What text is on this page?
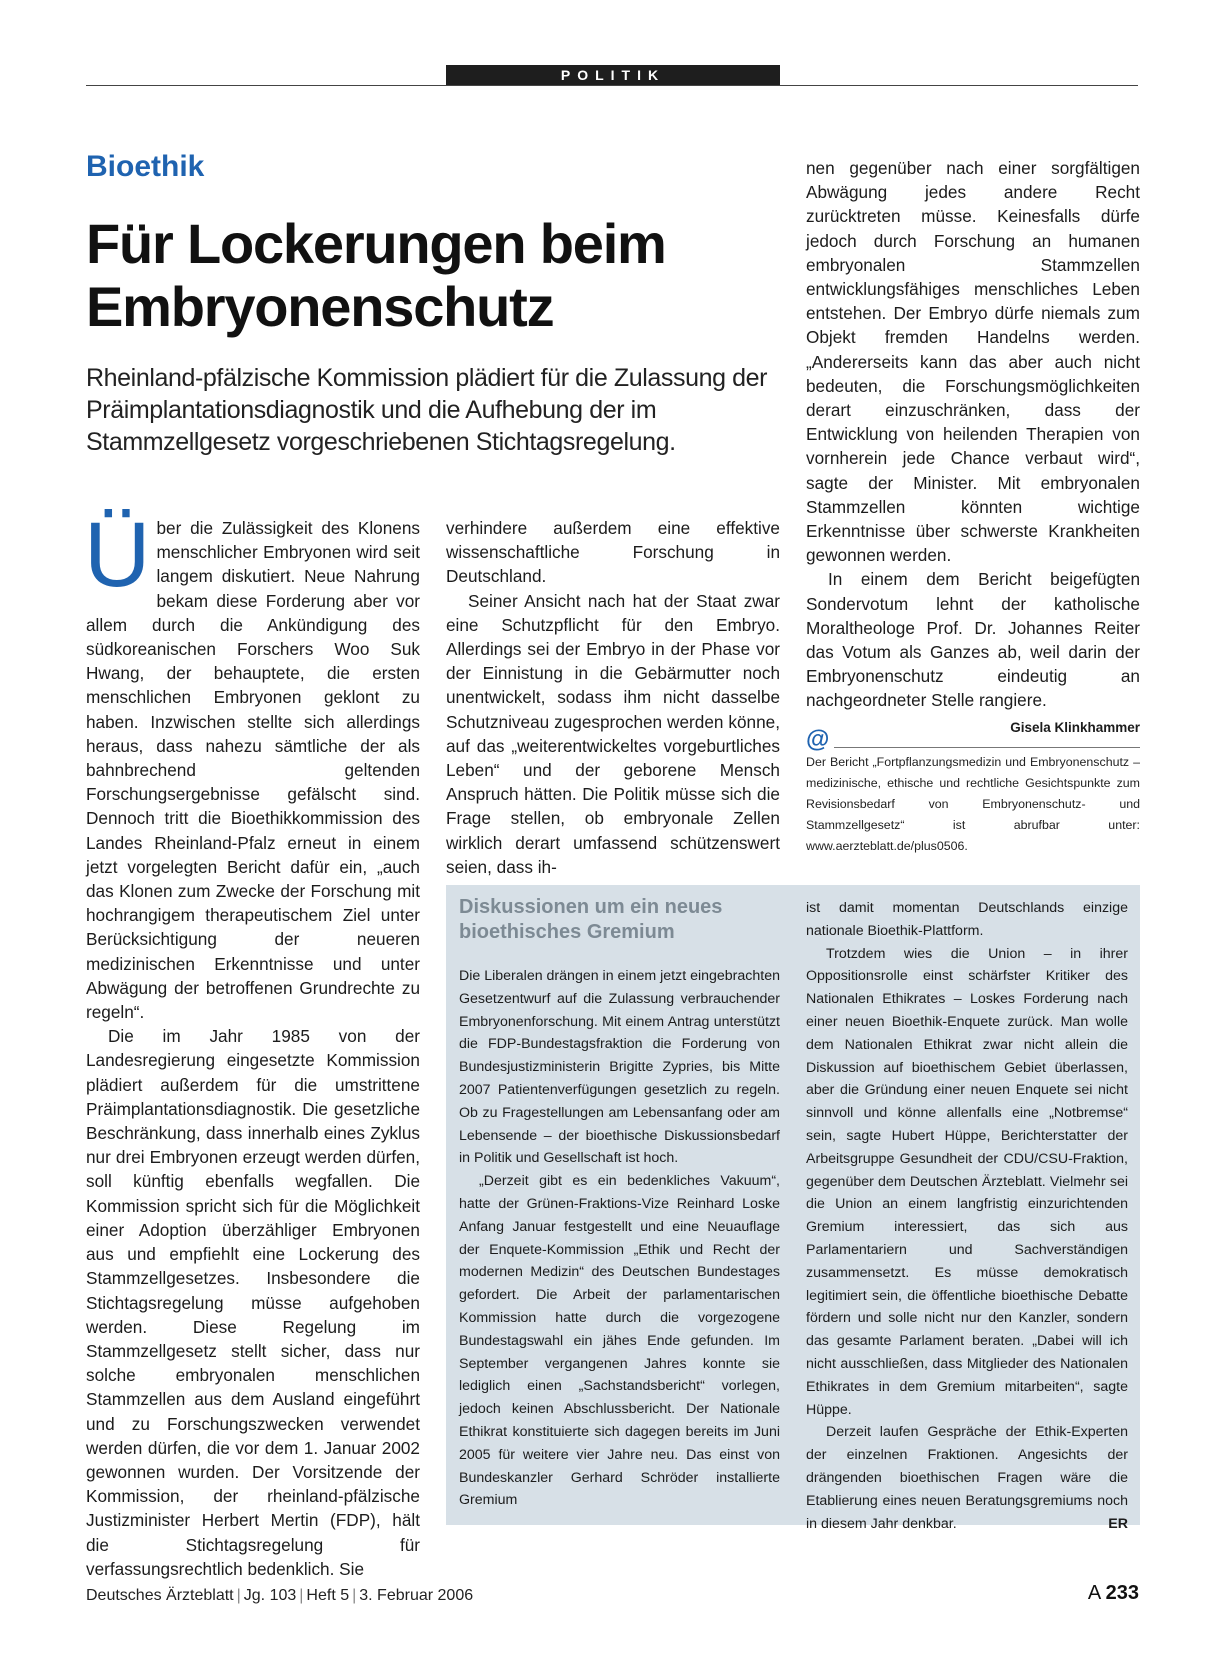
POLITIK
Bioethik
Für Lockerungen beim Embryonenschutz

Rheinland-pfälzische Kommission plädiert für die Zulassung der Präimplantationsdiagnostik und die Aufhebung der im Stammzellgesetz vorgeschriebenen Stichtagsregelung.

Über die Zulässigkeit des Klonens menschlicher Embryonen wird seit langem diskutiert. Neue Nahrung bekam diese Forderung aber vor allem durch die Ankündigung des südkoreanischen Forschers Woo Suk Hwang, der behauptete, die ersten menschlichen Embryonen geklont zu haben. Inzwischen stellte sich allerdings heraus, dass nahezu sämtliche der als bahnbrechend geltenden Forschungsergebnisse gefälscht sind. Dennoch tritt die Bioethikkommission des Landes Rheinland-Pfalz erneut in einem jetzt vorgelegten Bericht dafür ein, „auch das Klonen zum Zwecke der Forschung mit hochrangigem therapeutischem Ziel unter Berücksichtigung der neueren medizinischen Erkenntnisse und unter Abwägung der betroffenen Grundrechte zu regeln“.

Die im Jahr 1985 von der Landesregierung eingesetzte Kommission plädiert außerdem für die umstrittene Präimplantationsdiagnostik. Die gesetzliche Beschränkung, dass innerhalb eines Zyklus nur drei Embryonen erzeugt werden dürfen, soll künftig ebenfalls wegfallen. Die Kommission spricht sich für die Möglichkeit einer Adoption überzähliger Embryonen aus und empfiehlt eine Lockerung des Stammzellgesetzes. Insbesondere die Stichtagsregelung müsse aufgehoben werden. Diese Regelung im Stammzellgesetz stellt sicher, dass nur solche embryonalen menschlichen Stammzellen aus dem Ausland eingeführt und zu Forschungszwecken verwendet werden dürfen, die vor dem 1. Januar 2002 gewonnen wurden. Der Vorsitzende der Kommission, der rheinland-pfälzische Justizminister Herbert Mertin (FDP), hält die Stichtagsregelung für verfassungsrechtlich bedenklich. Sie

verhindere außerdem eine effektive wissenschaftliche Forschung in Deutschland.

Seiner Ansicht nach hat der Staat zwar eine Schutzpflicht für den Embryo. Allerdings sei der Embryo in der Phase vor der Einnistung in die Gebärmutter noch unentwickelt, sodass ihm nicht dasselbe Schutzniveau zugesprochen werden könne, auf das „weiterentwickeltes vorgeburtliches Leben“ und der geborene Mensch Anspruch hätten. Die Politik müsse sich die Frage stellen, ob embryonale Zellen wirklich derart umfassend schützenswert seien, dass ih-

nen gegenüber nach einer sorgfältigen Abwägung jedes andere Recht zurücktreten müsse. Keinesfalls dürfe jedoch durch Forschung an humanen embryonalen Stammzellen entwicklungsfähiges menschliches Leben entstehen. Der Embryo dürfe niemals zum Objekt fremden Handelns werden. „Andererseits kann das aber auch nicht bedeuten, die Forschungsmöglichkeiten derart einzuschränken, dass der Entwicklung von heilenden Therapien von vornherein jede Chance verbaut wird“, sagte der Minister. Mit embryonalen Stammzellen könnten wichtige Erkenntnisse über schwerste Krankheiten gewonnen werden.

In einem dem Bericht beigefügten Sondervotum lehnt der katholische Moraltheologe Prof. Dr. Johannes Reiter das Votum als Ganzes ab, weil darin der Embryonenschutz eindeutig an nachgeordneter Stelle rangiere.
Gisela Klinkhammer

@

Der Bericht „Fortpflanzungsmedizin und Embryonenschutz – medizinische, ethische und rechtliche Gesichtspunkte zum Revisionsbedarf von Embryonenschutz- und Stammzellgesetz“ ist abrufbar unter: www.aerzteblatt.de/plus0506.

Diskussionen um ein neues bioethisches Gremium

Die Liberalen drängen in einem jetzt eingebrachten Gesetzentwurf auf die Zulassung verbrauchender Embryonenforschung. Mit einem Antrag unterstützt die FDP-Bundestagsfraktion die Forderung von Bundesjustizministerin Brigitte Zypries, bis Mitte 2007 Patientenverfügungen gesetzlich zu regeln. Ob zu Fragestellungen am Lebensanfang oder am Lebensende – der bioethische Diskussionsbedarf in Politik und Gesellschaft ist hoch.

„Derzeit gibt es ein bedenkliches Vakuum“, hatte der Grünen-Fraktions-Vize Reinhard Loske Anfang Januar festgestellt und eine Neuauflage der Enquete-Kommission „Ethik und Recht der modernen Medizin“ des Deutschen Bundestages gefordert. Die Arbeit der parlamentarischen Kommission hatte durch die vorgezogene Bundestagswahl ein jähes Ende gefunden. Im September vergangenen Jahres konnte sie lediglich einen „Sachstandsbericht“ vorlegen, jedoch keinen Abschlussbericht. Der Nationale Ethikrat konstituierte sich dagegen bereits im Juni 2005 für weitere vier Jahre neu. Das einst von Bundeskanzler Gerhard Schröder installierte Gremium

ist damit momentan Deutschlands einzige nationale Bioethik-Plattform.

Trotzdem wies die Union – in ihrer Oppositionsrolle einst schärfster Kritiker des Nationalen Ethikrates – Loskes Forderung nach einer neuen Bioethik-Enquete zurück. Man wolle dem Nationalen Ethikrat zwar nicht allein die Diskussion auf bioethischem Gebiet überlassen, aber die Gründung einer neuen Enquete sei nicht sinnvoll und könne allenfalls eine „Notbremse“ sein, sagte Hubert Hüppe, Berichterstatter der Arbeitsgruppe Gesundheit der CDU/CSU-Fraktion, gegenüber dem Deutschen Ärzteblatt. Vielmehr sei die Union an einem langfristig einzurichtenden Gremium interessiert, das sich aus Parlamentariern und Sachverständigen zusammensetzt. Es müsse demokratisch legitimiert sein, die öffentliche bioethische Debatte fördern und solle nicht nur den Kanzler, sondern das gesamte Parlament beraten. „Dabei will ich nicht ausschließen, dass Mitglieder des Nationalen Ethikrates in dem Gremium mitarbeiten“, sagte Hüppe.

Derzeit laufen Gespräche der Ethik-Experten der einzelnen Fraktionen. Angesichts der drängenden bioethischen Fragen wäre die Etablierung eines neuen Beratungsgremiums noch in diesem Jahr denkbar.	ER

Deutsches Ärzteblatt | Jg. 103 | Heft 5 | 3. Februar 2006	A 233
